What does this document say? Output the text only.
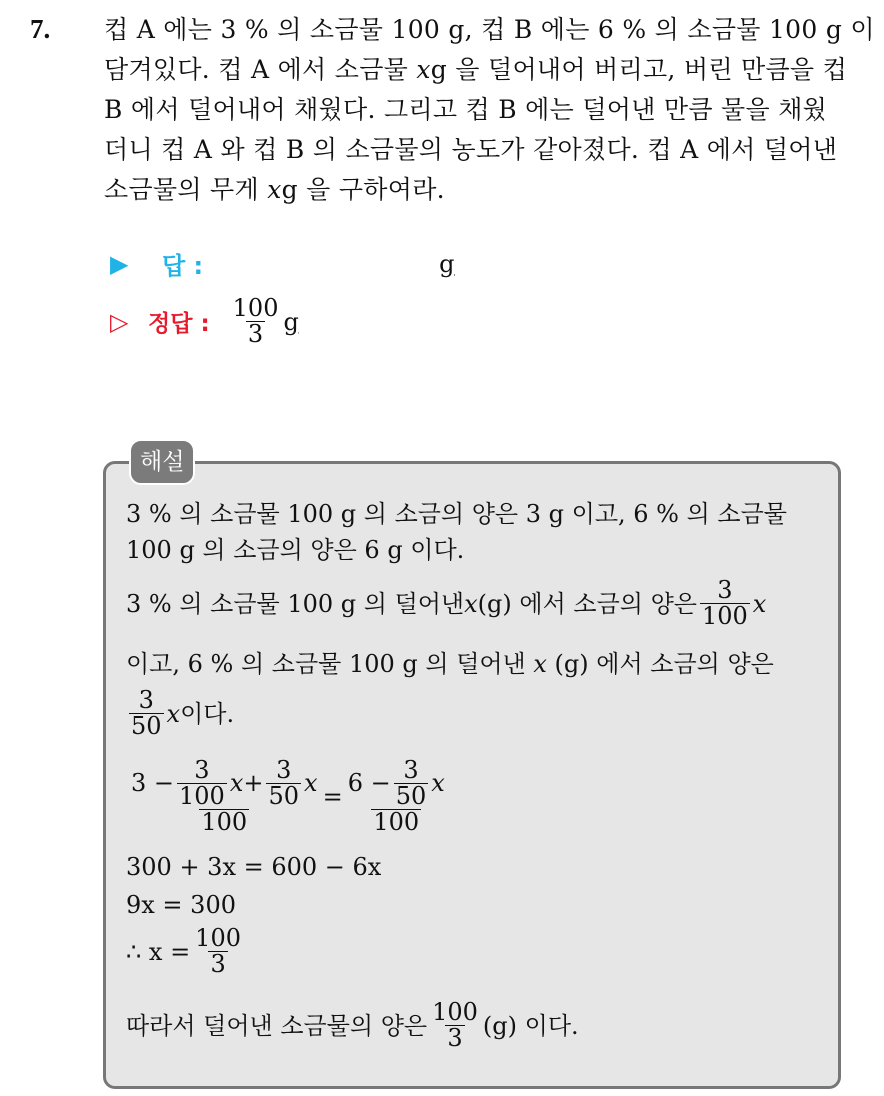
7. 컵 A 에는 3 % 의 소금물 100 g, 컵 B 에는 6 % 의 소금물 100 g 이

담겨있다. 컵 A 에서 소금물 xg 을 덜어내어 버리고, 버린 만큼을 컵

B 에서 덜어내어 채웠다. 그리고 컵 B 에는 덜어낸 만큼 물을 채웠

더니 컵 A 와 컵 B 의 소금물의 농도가 같아졌다. 컵 A 에서 덜어낸

소금물의 무게 xg 을 구하여라.

▶	답 :	g
▷ 정답 : $\frac{100}{3}$ g
해설
3 % 의 소금물 100 g 의 소금의 양은 3 g 이고, 6 % 의 소금물
100 g 의 소금의 양은 6 g 이다.
3 % 의 소금물 100 g 의 덜어낸 x (g) 에서 소금의 양은 $\frac{3}{100}$ x
이고, 6 % 의 소금물 100 g 의 덜어낸 x (g) 에서 소금의 양은
$\frac{3}{50}$ x 이다.
$\frac{3 - \frac{3}{100} x + \frac{3}{50} x}{100} = \frac{6 - \frac{3}{50} x}{100}$
300 + 3x = 600 − 6x
9x = 300
∴ $x = \frac{100}{3}$
따라서 덜어낸 소금물의 양은 $\frac{100}{3} (g)$ 이다.
